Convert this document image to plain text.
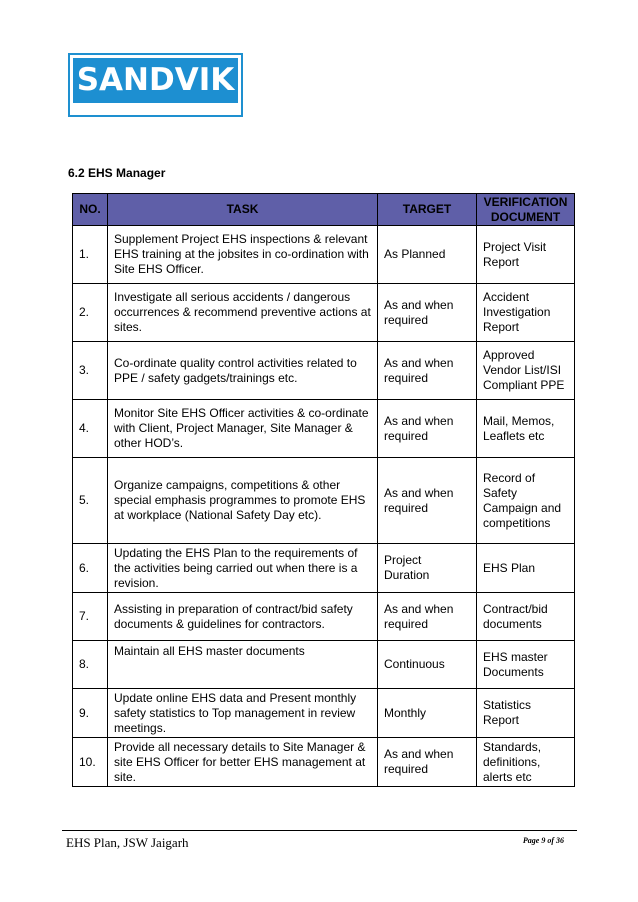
SANDVIK
6.2 EHS Manager
NO.	TASK	TARGET	VERIFICATION DOCUMENT
1.	Supplement Project EHS inspections & relevant EHS training at the jobsites in co-ordination with Site EHS Officer.	As Planned	Project Visit Report
2.	Investigate all serious accidents / dangerous occurrences & recommend preventive actions at sites.	As and when required	Accident Investigation Report
3.	Co-ordinate quality control activities related to PPE / safety gadgets/trainings etc.	As and when required	Approved Vendor List/ISI Compliant PPE
4.	Monitor Site EHS Officer activities & co-ordinate with Client, Project Manager, Site Manager & other HOD’s.	As and when required	Mail, Memos, Leaflets etc
5.	Organize campaigns, competitions & other special emphasis programmes to promote EHS at workplace (National Safety Day etc).	As and when required	Record of Safety Campaign and competitions
6.	Updating the EHS Plan to the requirements of the activities being carried out when there is a revision.	Project Duration	EHS Plan
7.	Assisting in preparation of contract/bid safety documents & guidelines for contractors.	As and when required	Contract/bid documents
8.	Maintain all EHS master documents	Continuous	EHS master Documents
9.	Update online EHS data and Present monthly safety statistics to Top management in review meetings.	Monthly	Statistics Report
10.	Provide all necessary details to Site Manager & site EHS Officer for better EHS management at site.	As and when required	Standards, definitions, alerts etc
EHS Plan, JSW Jaigarh	Page 9 of 36
